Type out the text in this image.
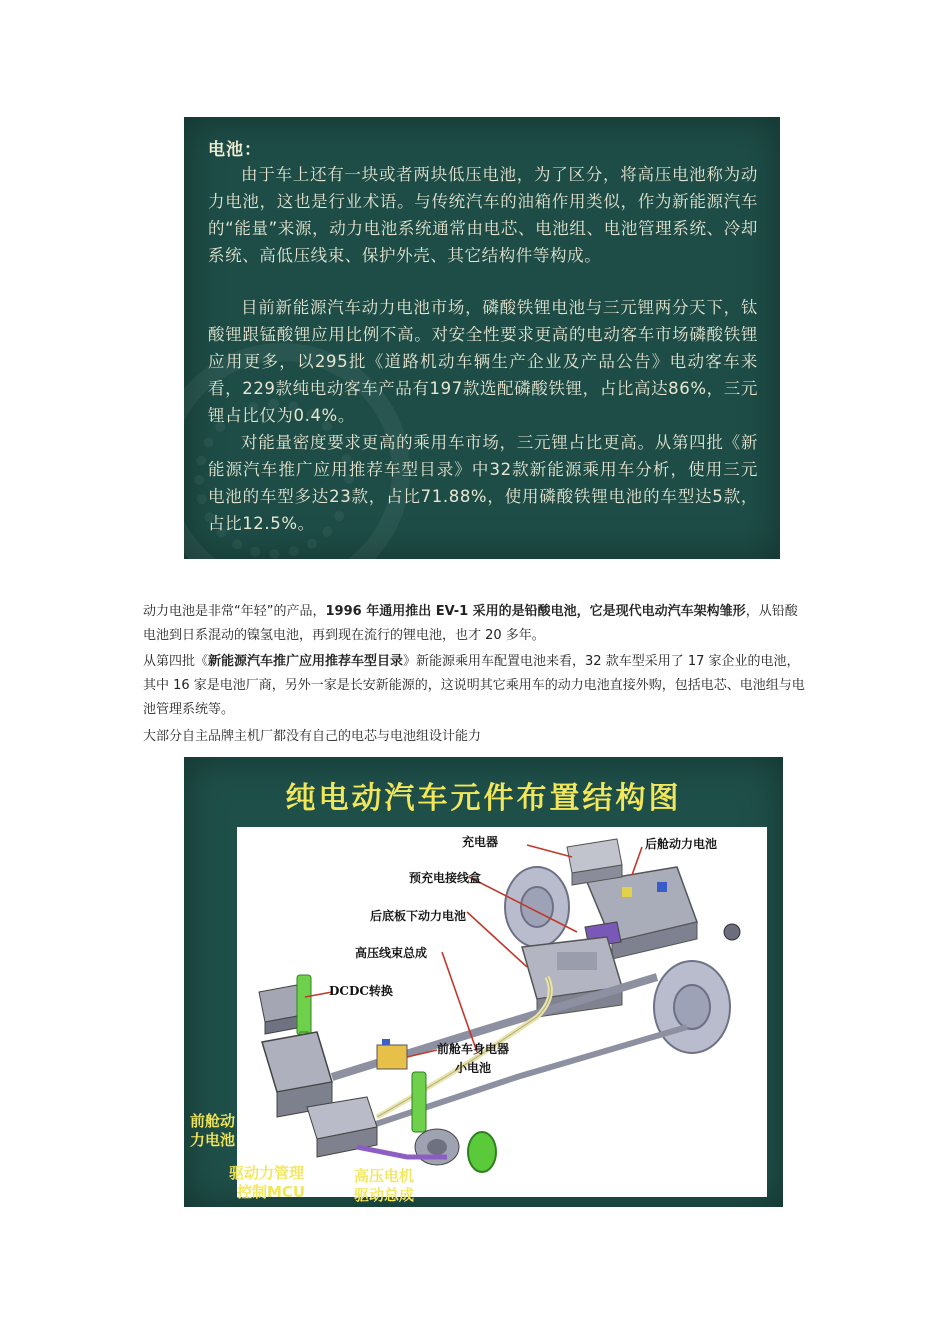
电池：
由于车上还有一块或者两块低压电池，为了区分，将高压电池称为动力电池，这也是行业术语。与传统汽车的油箱作用类似，作为新能源汽车的“能量”来源，动力电池系统通常由电芯、电池组、电池管理系统、冷却系统、高低压线束、保护外壳、其它结构件等构成。
目前新能源汽车动力电池市场，磷酸铁锂电池与三元锂两分天下，钛酸锂跟锰酸锂应用比例不高。对安全性要求更高的电动客车市场磷酸铁锂应用更多，以295批《道路机动车辆生产企业及产品公告》电动客车来看，229款纯电动客车产品有197款选配磷酸铁锂，占比高达86%，三元锂占比仅为0.4%。
对能量密度要求更高的乘用车市场，三元锂占比更高。从第四批《新能源汽车推广应用推荐车型目录》中32款新能源乘用车分析，使用三元电池的车型多达23款，占比71.88%，使用磷酸铁锂电池的车型达5款，占比12.5%。
动力电池是非常“年轻”的产品，1996 年通用推出 EV-1 采用的是铅酸电池，它是现代电动汽车架构雏形，从铅酸电池到日系混动的镍氢电池，再到现在流行的锂电池，也才 20 多年。
从第四批《新能源汽车推广应用推荐车型目录》新能源乘用车配置电池来看，32 款车型采用了 17 家企业的电池，其中 16 家是电池厂商，另外一家是长安新能源的，这说明其它乘用车的动力电池直接外购，包括电芯、电池组与电池管理系统等。
大部分自主品牌主机厂都没有自己的电芯与电池组设计能力
纯电动汽车元件布置结构图
充电器	后舱动力电池
预充电接线盒
后底板下动力电池
高压线束总成
DCDC转换
前舱车身电器
小电池
前舱动
力电池
驱动力管理
控制MCU
高压电机
驱动总成
